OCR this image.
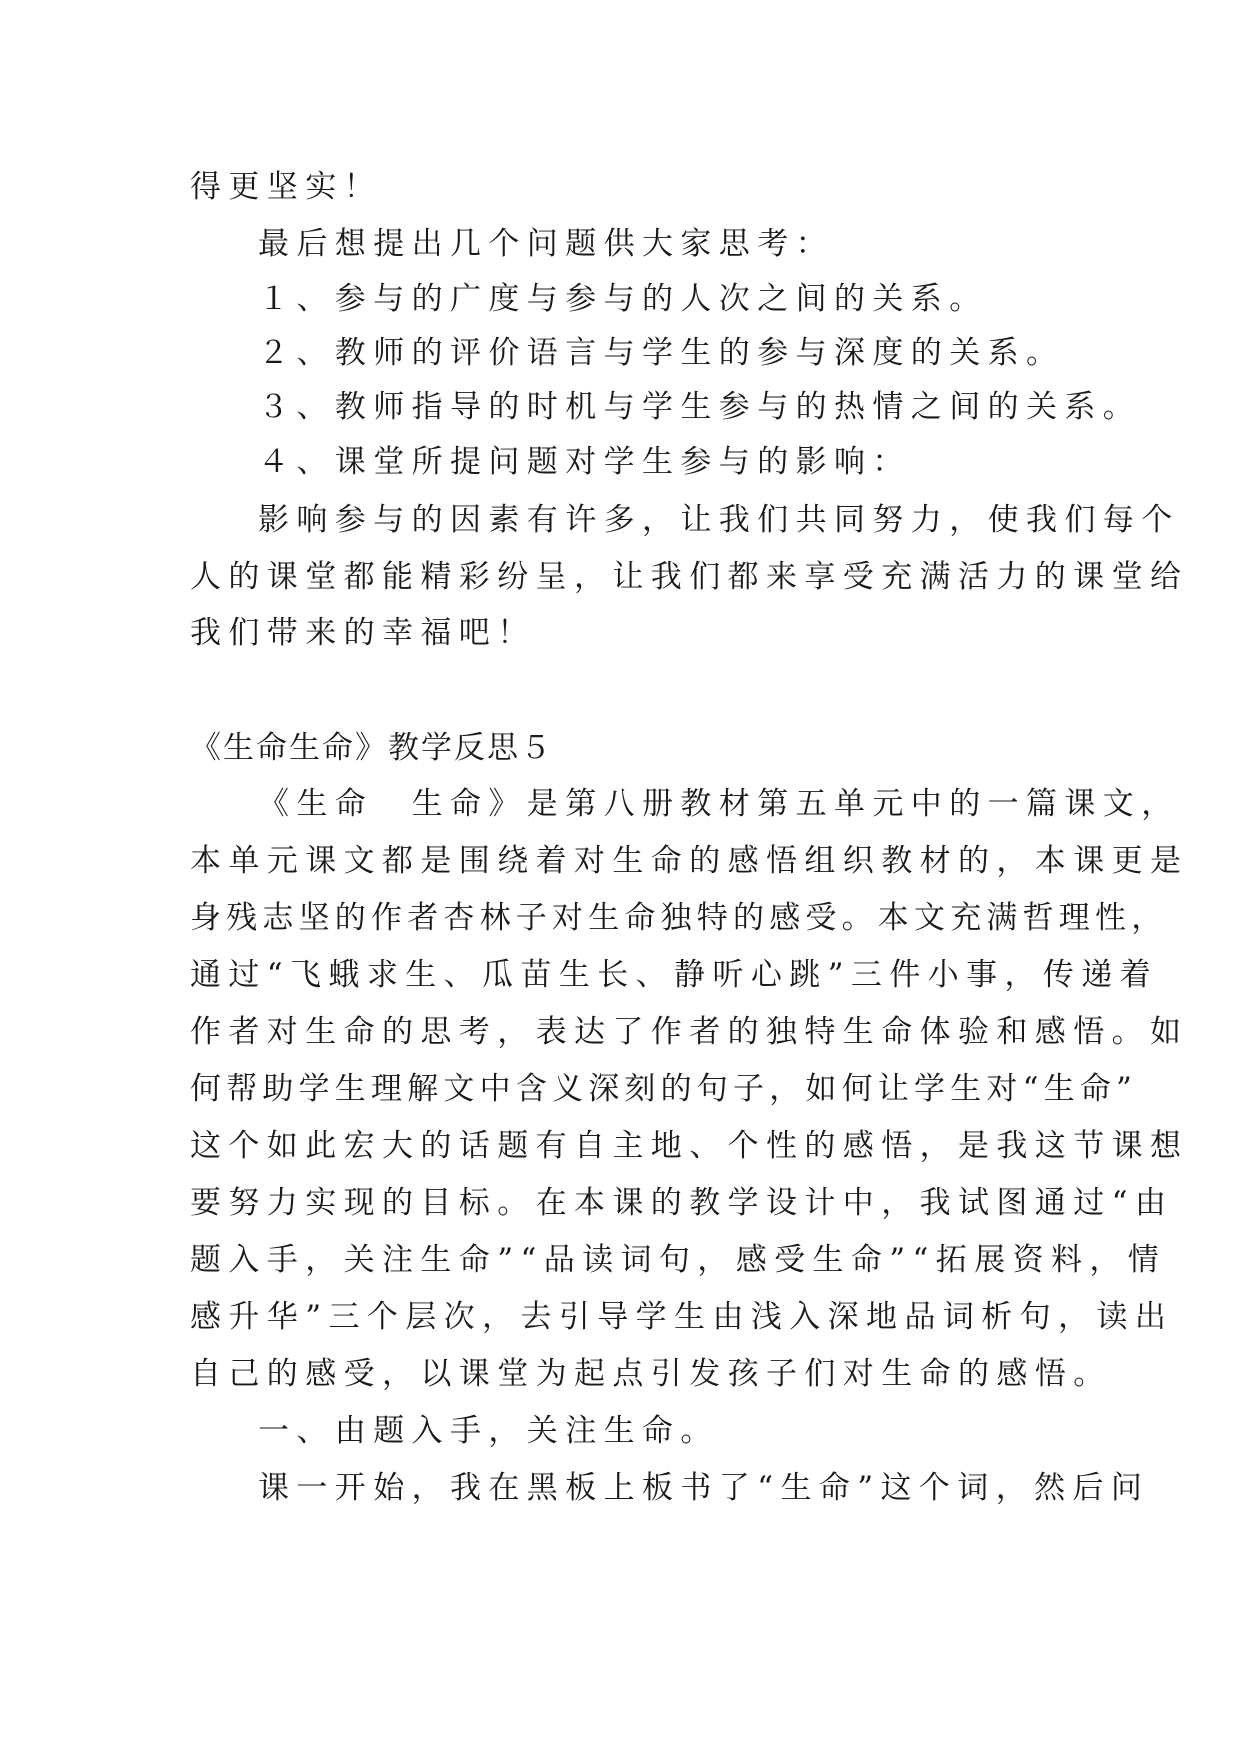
得更坚实！
最后想提出几个问题供大家思考：
１、参与的广度与参与的人次之间的关系。
２、教师的评价语言与学生的参与深度的关系。
３、教师指导的时机与学生参与的热情之间的关系。
４、课堂所提问题对学生参与的影响：
影响参与的因素有许多，让我们共同努力，使我们每个
人的课堂都能精彩纷呈，让我们都来享受充满活力的课堂给
我们带来的幸福吧！
《生命生命》教学反思５
《生命　生命》是第八册教材第五单元中的一篇课文，
本单元课文都是围绕着对生命的感悟组织教材的，本课更是
身残志坚的作者杏林子对生命独特的感受。本文充满哲理性，
通过“飞蛾求生、瓜苗生长、静听心跳”三件小事，传递着
作者对生命的思考，表达了作者的独特生命体验和感悟。如
何帮助学生理解文中含义深刻的句子，如何让学生对“生命”
这个如此宏大的话题有自主地、个性的感悟，是我这节课想
要努力实现的目标。在本课的教学设计中，我试图通过“由
题入手，关注生命”“品读词句，感受生命”“拓展资料，情
感升华”三个层次，去引导学生由浅入深地品词析句，读出
自己的感受，以课堂为起点引发孩子们对生命的感悟。
一、由题入手，关注生命。
课一开始，我在黑板上板书了“生命”这个词，然后问
